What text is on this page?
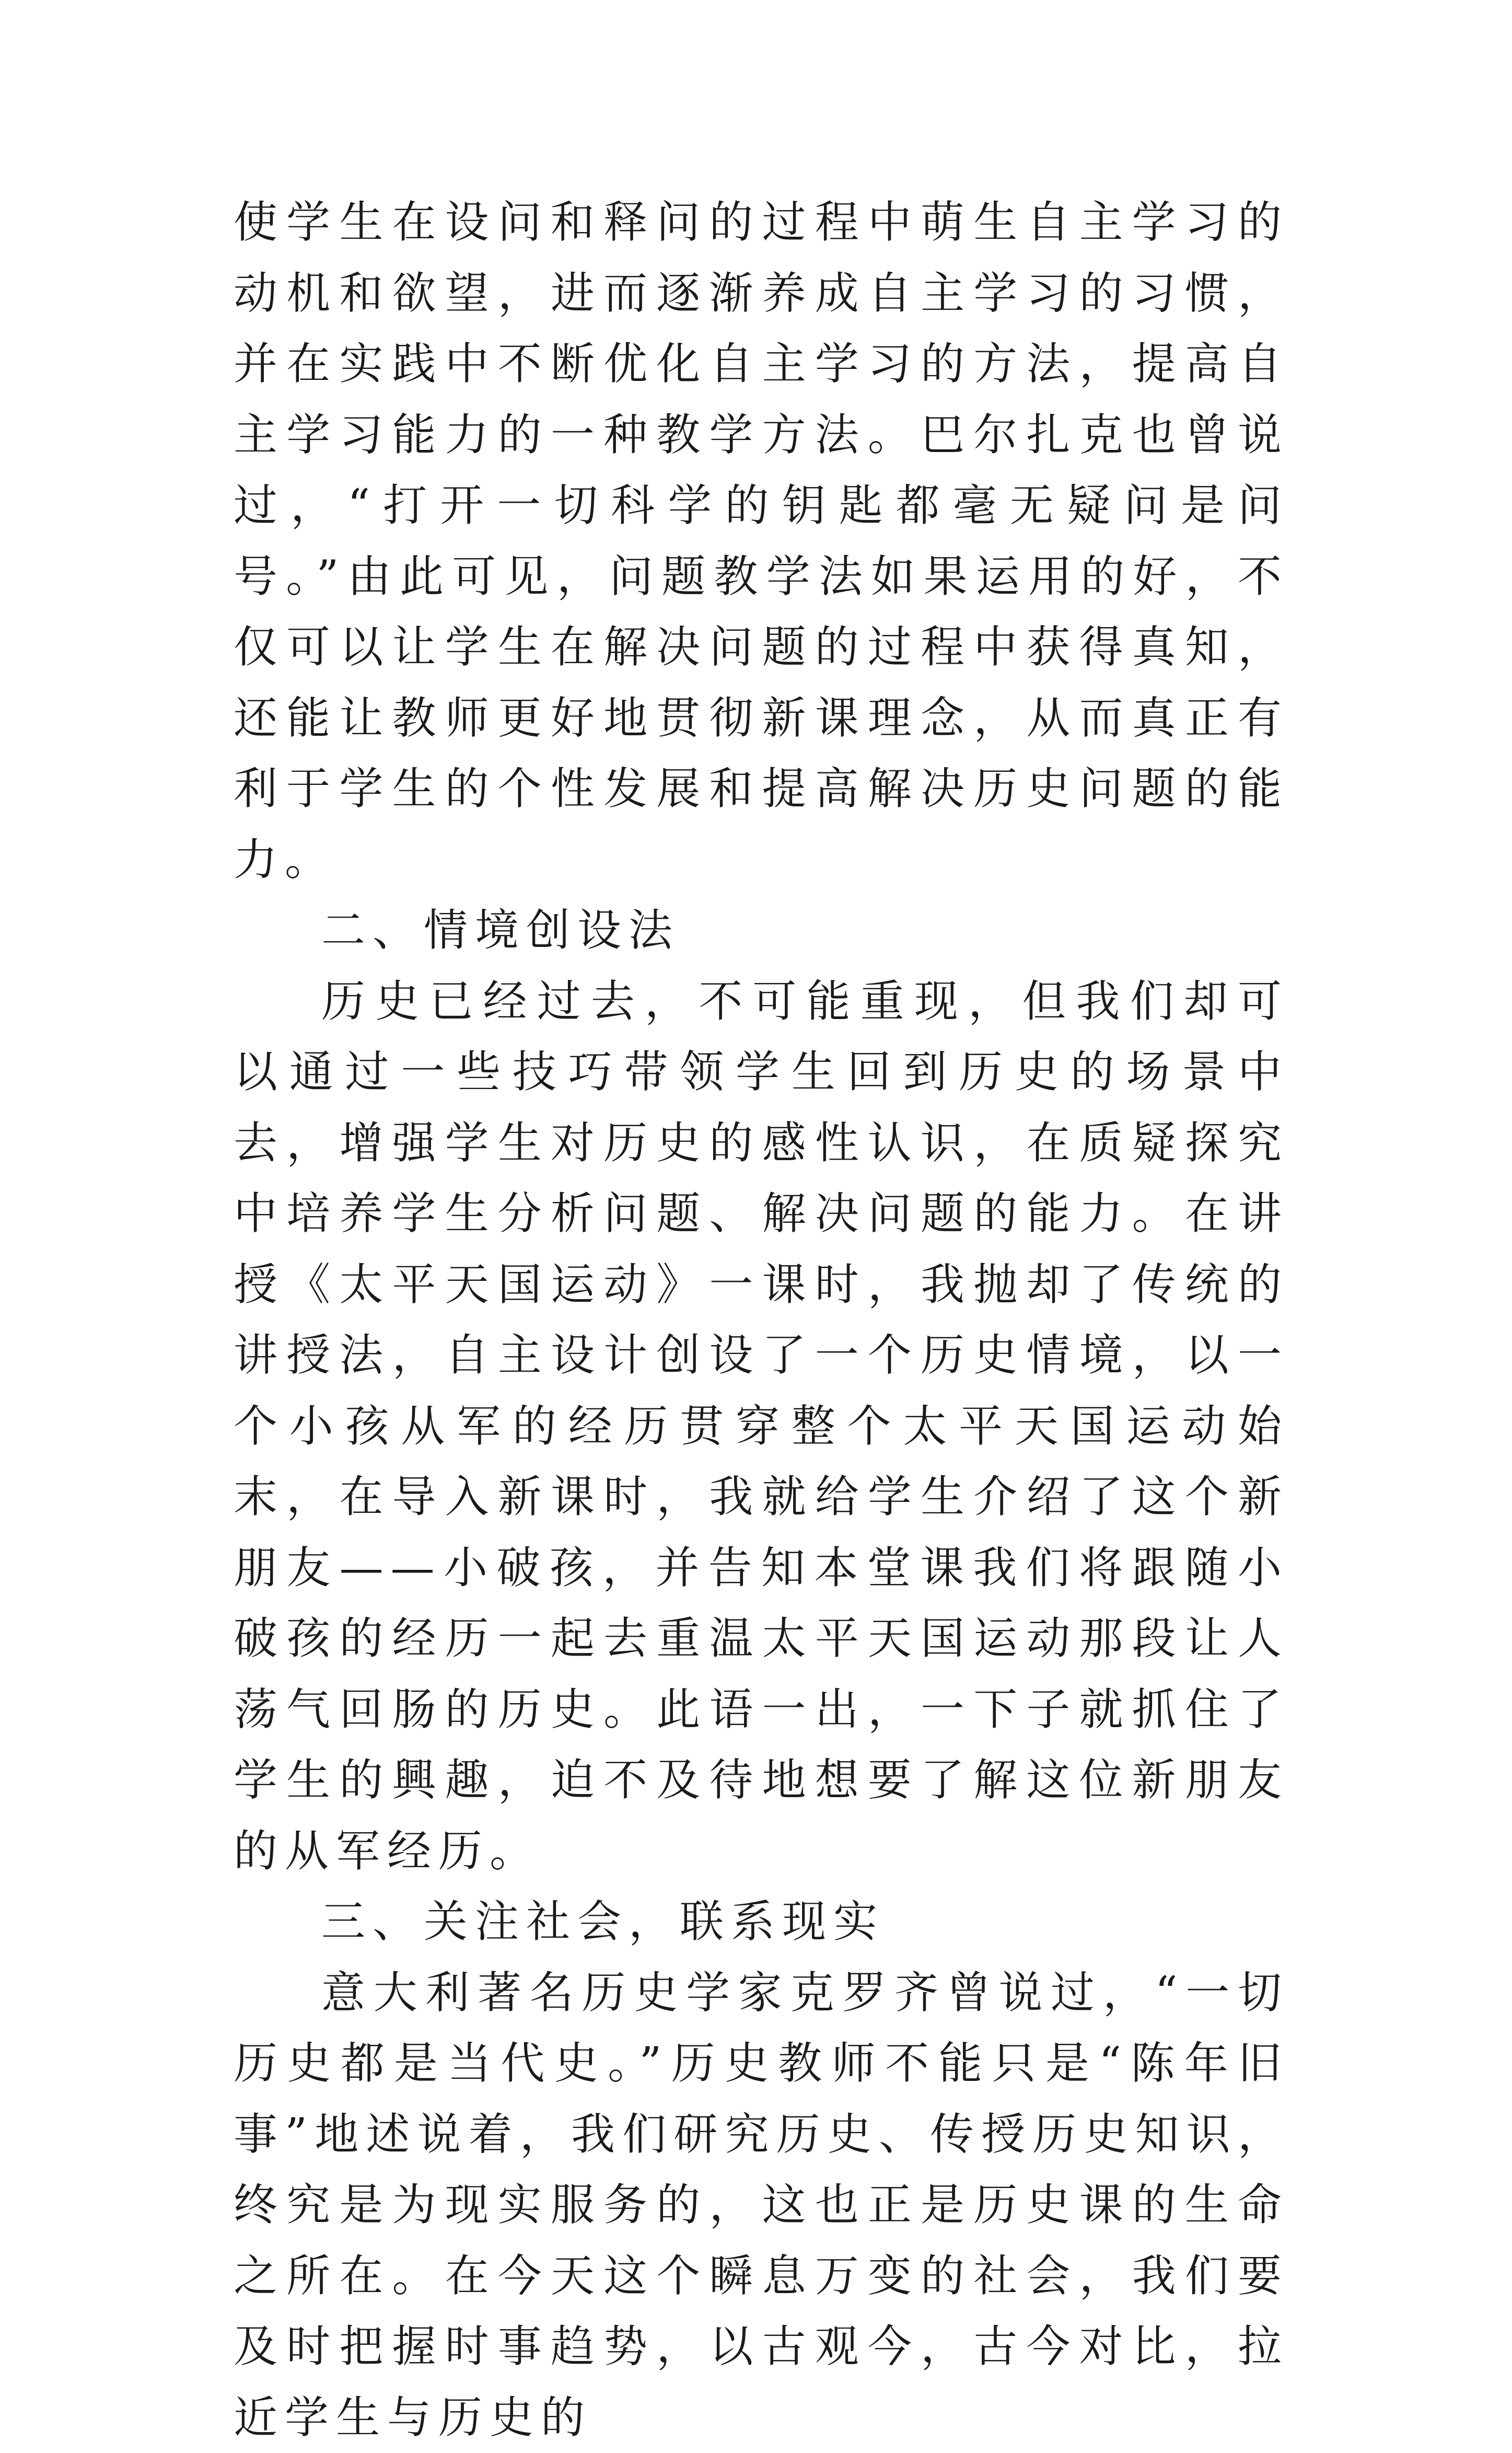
使学生在设问和释问的过程中萌生自主学习的动机和欲望，进而逐渐养成自主学习的习惯，并在实践中不断优化自主学习的方法，提高自主学习能力的一种教学方法。巴尔扎克也曾说过，“打开一切科学的钥匙都毫无疑问是问号。”由此可见，问题教学法如果运用的好，不仅可以让学生在解决问题的过程中获得真知，还能让教师更好地贯彻新课理念，从而真正有利于学生的个性发展和提高解决历史问题的能力。

二、情境创设法

历史已经过去，不可能重现，但我们却可以通过一些技巧带领学生回到历史的场景中去，增强学生对历史的感性认识，在质疑探究中培养学生分析问题、解决问题的能力。在讲授《太平天国运动》一课时，我抛却了传统的讲授法，自主设计创设了一个历史情境，以一个小孩从军的经历贯穿整个太平天国运动始末，在导入新课时，我就给学生介绍了这个新朋友——小破孩，并告知本堂课我们将跟随小破孩的经历一起去重温太平天国运动那段让人荡气回肠的历史。此语一出，一下子就抓住了学生的興趣，迫不及待地想要了解这位新朋友的从军经历。

三、关注社会，联系现实

意大利著名历史学家克罗齐曾说过，“一切历史都是当代史。”历史教师不能只是“陈年旧事”地述说着，我们研究历史、传授历史知识，终究是为现实服务的，这也正是历史课的生命之所在。在今天这个瞬息万变的社会，我们要及时把握时事趋势，以古观今，古今对比，拉近学生与历史的
